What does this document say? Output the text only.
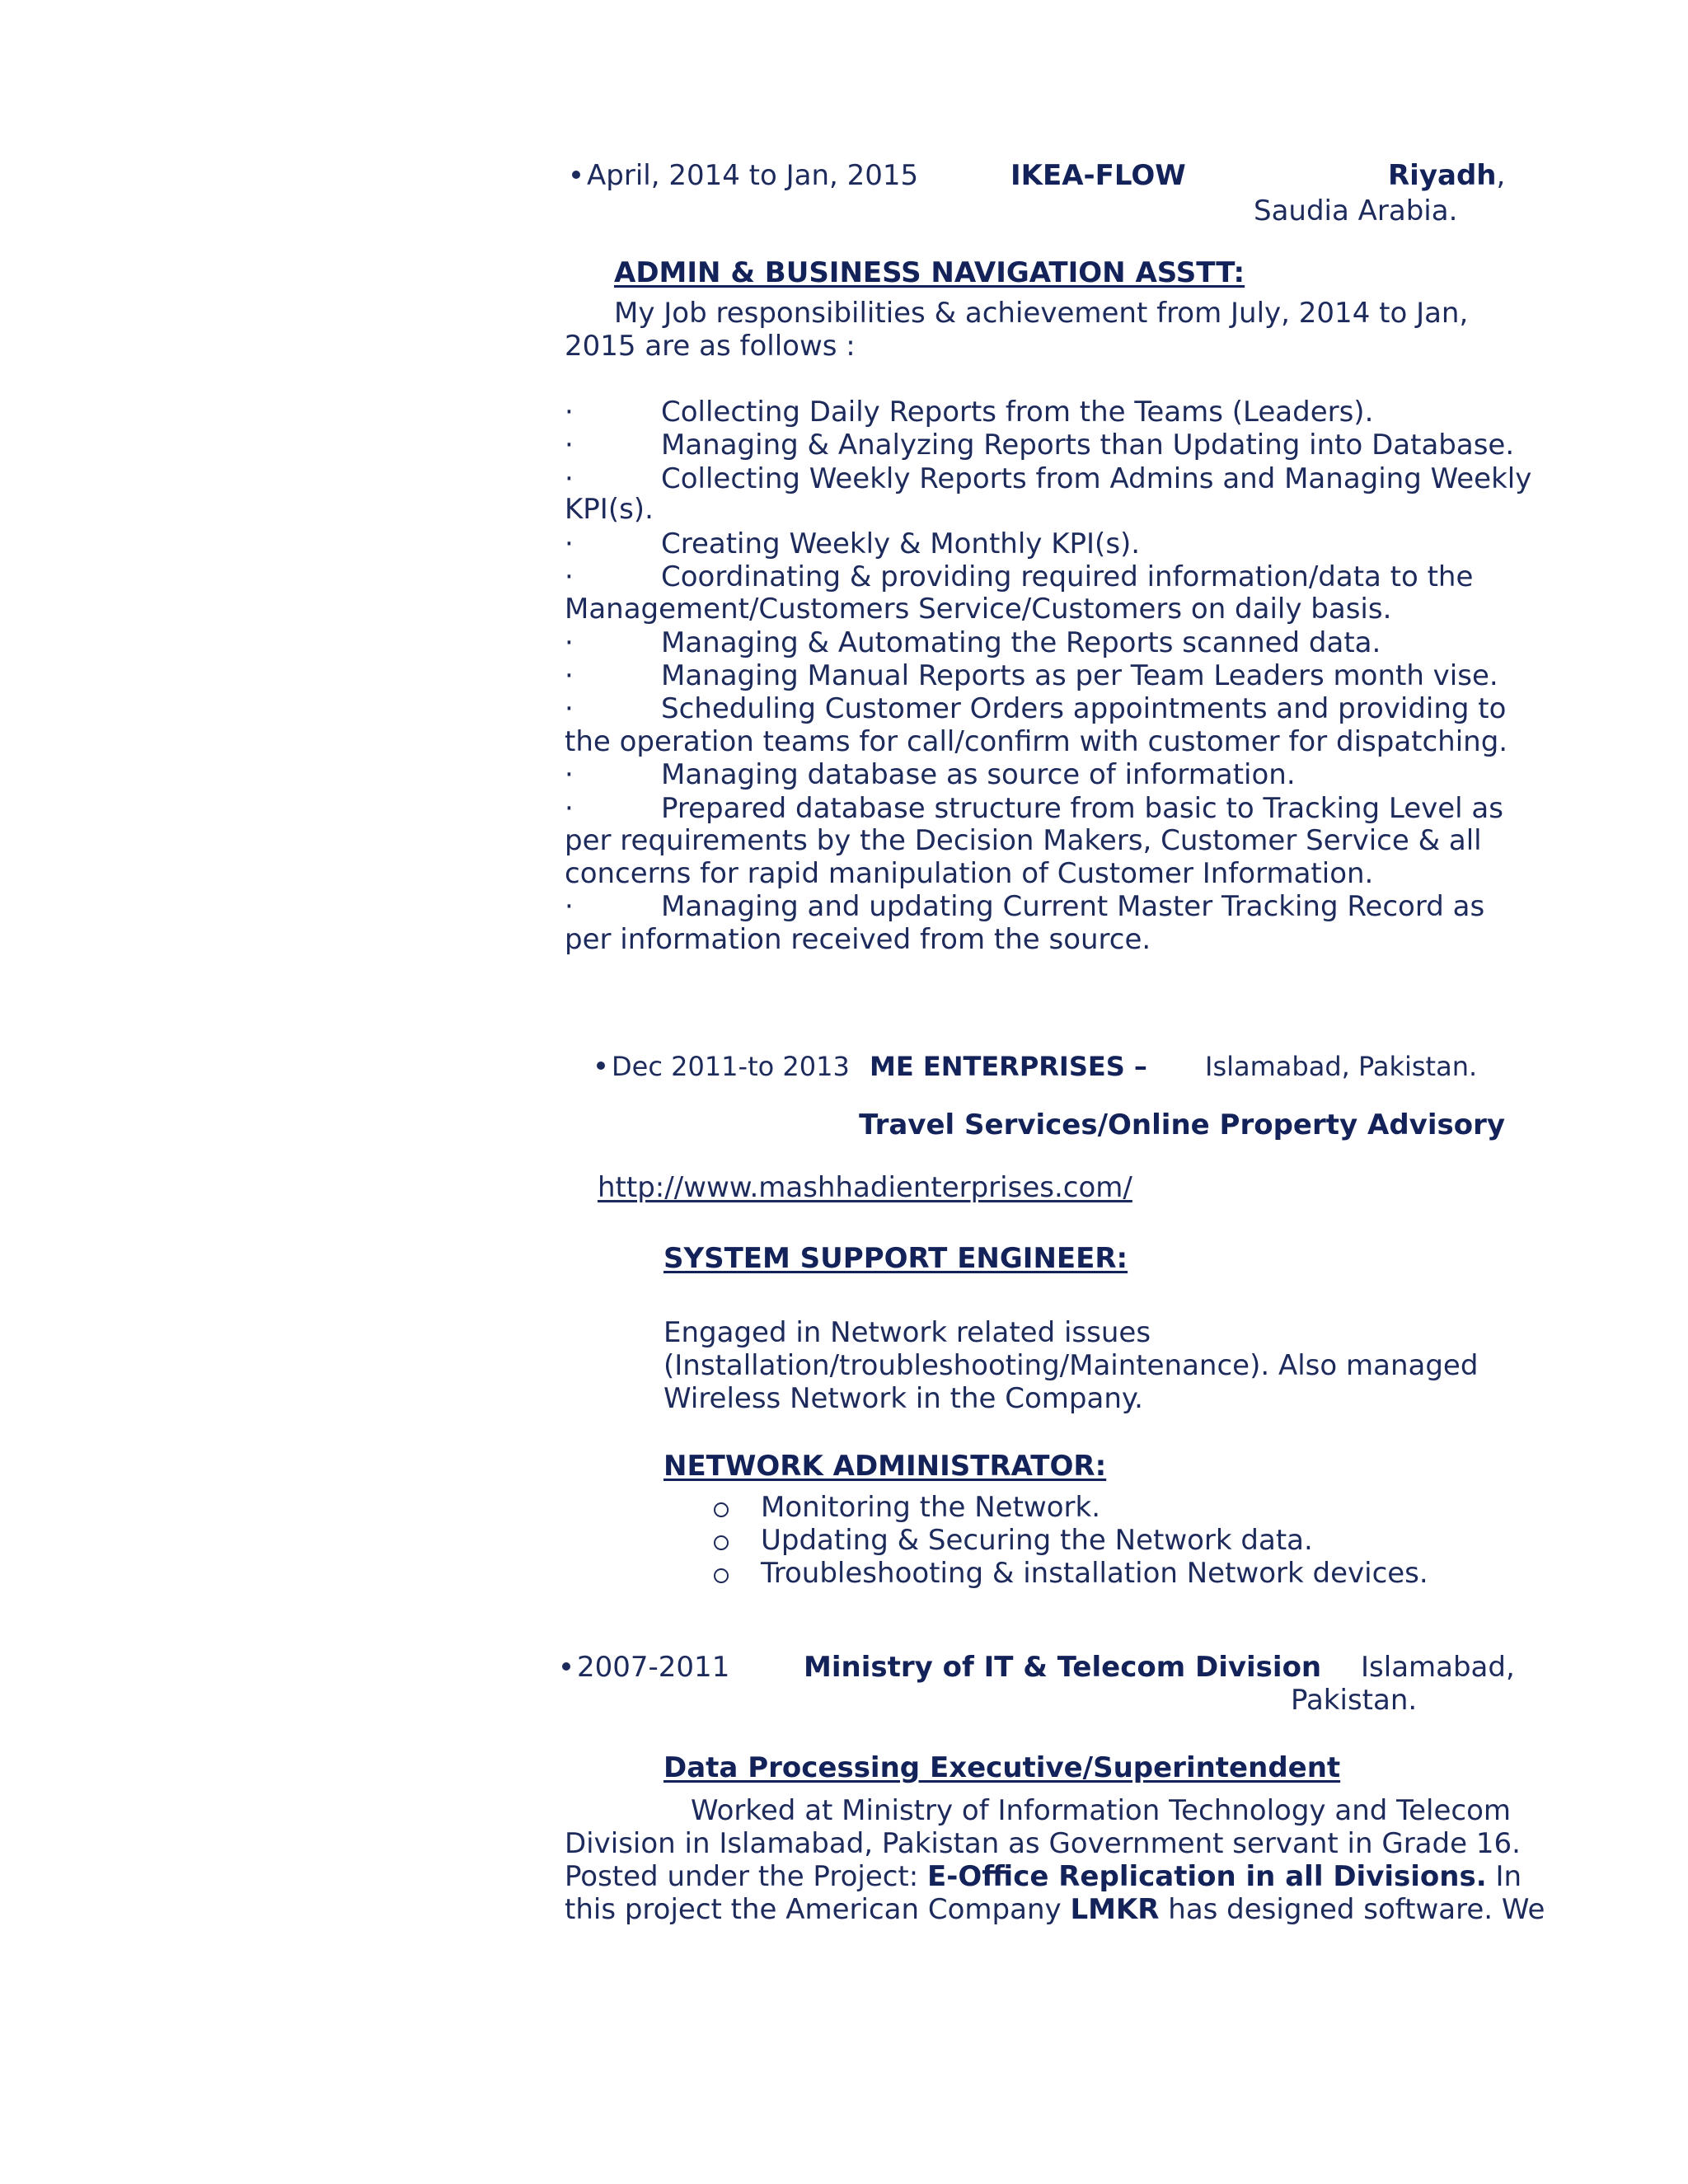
April, 2014 to Jan, 2015	IKEA-FLOW	Riyadh,
Saudia Arabia.
ADMIN & BUSINESS NAVIGATION ASSTT:
My Job responsibilities & achievement from July, 2014 to Jan,
2015 are as follows :
·	Collecting Daily Reports from the Teams (Leaders).
·	Managing & Analyzing Reports than Updating into Database.
·	Collecting Weekly Reports from Admins and Managing Weekly
KPI(s).
·	Creating Weekly & Monthly KPI(s).
·	Coordinating & providing required information/data to the
Management/Customers Service/Customers on daily basis.
·	Managing & Automating the Reports scanned data.
·	Managing Manual Reports as per Team Leaders month vise.
·	Scheduling Customer Orders appointments and providing to
the operation teams for call/confirm with customer for dispatching.
·	Managing database as source of information.
·	Prepared database structure from basic to Tracking Level as
per requirements by the Decision Makers, Customer Service & all
concerns for rapid manipulation of Customer Information.
·	Managing and updating Current Master Tracking Record as
per information received from the source.
Dec 2011-to 2013 ME ENTERPRISES – Islamabad, Pakistan.
Travel Services/Online Property Advisory
http://www.mashhadienterprises.com/
SYSTEM SUPPORT ENGINEER:
Engaged in Network related issues
(Installation/troubleshooting/Maintenance). Also managed
Wireless Network in the Company.
NETWORK ADMINISTRATOR:
Monitoring the Network.
Updating & Securing the Network data.
Troubleshooting & installation Network devices.
2007-2011	Ministry of IT & Telecom Division Islamabad,
Pakistan.
Data Processing Executive/Superintendent
Worked at Ministry of Information Technology and Telecom
Division in Islamabad, Pakistan as Government servant in Grade 16.
Posted under the Project: E-Office Replication in all Divisions. In
this project the American Company LMKR has designed software. We
